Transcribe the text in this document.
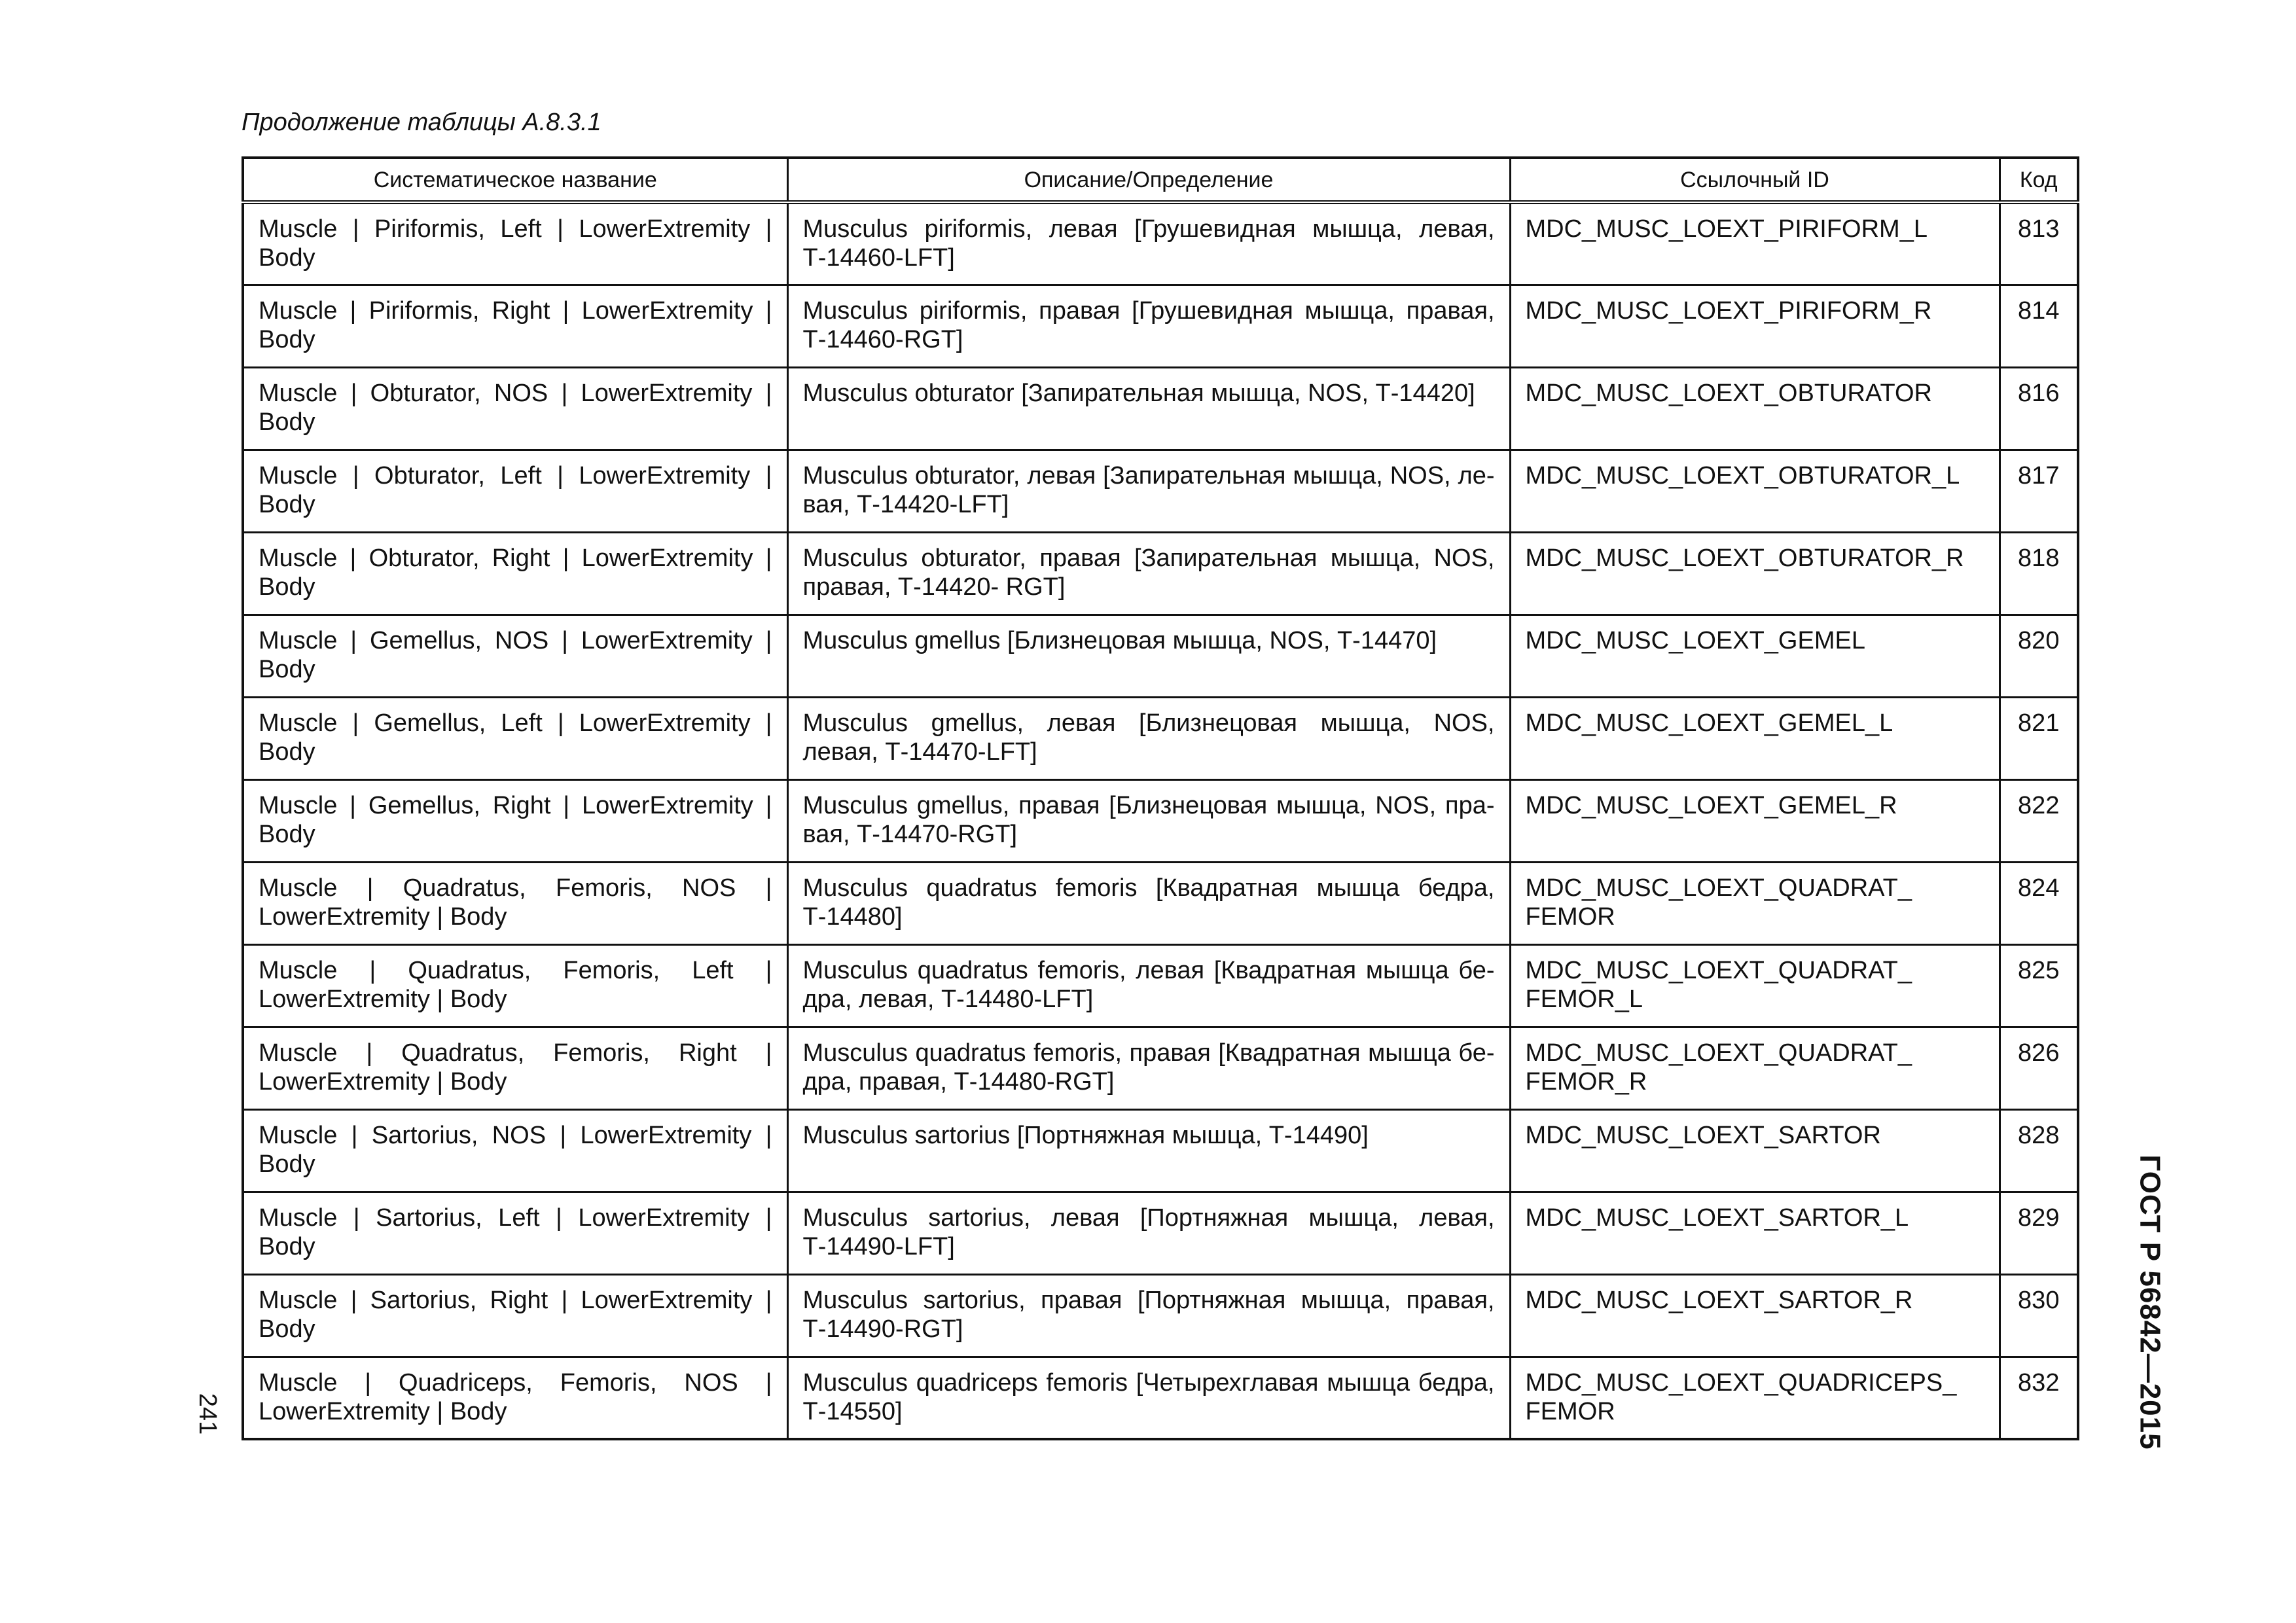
Продолжение таблицы А.8.3.1
Систематическое название	Описание/Определение	Ссылочный ID	Код
Muscle | Piriformis, Left | LowerExtremity | Body	Musculus piriformis, левая [Грушевидная мышца, левая, Т-14460-LFT]	MDC_MUSC_LOEXT_PIRIFORM_L	813
Muscle | Piriformis, Right | LowerExtremity | Body	Musculus piriformis, правая [Грушевидная мышца, правая, Т-14460-RGT]	MDC_MUSC_LOEXT_PIRIFORM_R	814
Muscle | Obturator, NOS | LowerExtremity | Body	Musculus obturator [Запирательная мышца, NOS, Т-14420]	MDC_MUSC_LOEXT_OBTURATOR	816
Muscle | Obturator, Left | LowerExtremity | Body	Musculus obturator, левая [Запирательная мышца, NOS, левая, Т-14420-LFT]	MDC_MUSC_LOEXT_OBTURATOR_L	817
Muscle | Obturator, Right | LowerExtremity | Body	Musculus obturator, правая [Запирательная мышца, NOS, правая, Т-14420- RGT]	MDC_MUSC_LOEXT_OBTURATOR_R	818
Muscle | Gemellus, NOS | LowerExtremity | Body	Musculus gmellus [Близнецовая мышца, NOS, Т-14470]	MDC_MUSC_LOEXT_GEMEL	820
Muscle | Gemellus, Left | LowerExtremity | Body	Musculus gmellus, левая [Близнецовая мышца, NOS, левая, Т-14470-LFT]	MDC_MUSC_LOEXT_GEMEL_L	821
Muscle | Gemellus, Right | LowerExtremity | Body	Musculus gmellus, правая [Близнецовая мышца, NOS, правая, Т-14470-RGT]	MDC_MUSC_LOEXT_GEMEL_R	822
Muscle | Quadratus, Femoris, NOS | LowerExtremity | Body	Musculus quadratus femoris [Квадратная мышца бедра, Т-14480]	MDC_MUSC_LOEXT_QUADRAT_ FEMOR	824
Muscle | Quadratus, Femoris, Left | LowerExtremity | Body	Musculus quadratus femoris, левая [Квадратная мышца бедра, левая, Т-14480-LFT]	MDC_MUSC_LOEXT_QUADRAT_ FEMOR_L	825
Muscle | Quadratus, Femoris, Right | LowerExtremity | Body	Musculus quadratus femoris, правая [Квадратная мышца бедра, правая, Т-14480-RGT]	MDC_MUSC_LOEXT_QUADRAT_ FEMOR_R	826
Muscle | Sartorius, NOS | LowerExtremity | Body	Musculus sartorius [Портняжная мышца, Т-14490]	MDC_MUSC_LOEXT_SARTOR	828
Muscle | Sartorius, Left | LowerExtremity | Body	Musculus sartorius, левая [Портняжная мышца, левая, Т-14490-LFT]	MDC_MUSC_LOEXT_SARTOR_L	829
Muscle | Sartorius, Right | LowerExtremity | Body	Musculus sartorius, правая [Портняжная мышца, правая, Т-14490-RGT]	MDC_MUSC_LOEXT_SARTOR_R	830
Muscle | Quadriceps, Femoris, NOS | LowerExtremity | Body	Musculus quadriceps femoris [Четырехглавая мышца бедра, Т-14550]	MDC_MUSC_LOEXT_QUADRICEPS_ FEMOR	832	ГОСТ Р 56842—2015
241
